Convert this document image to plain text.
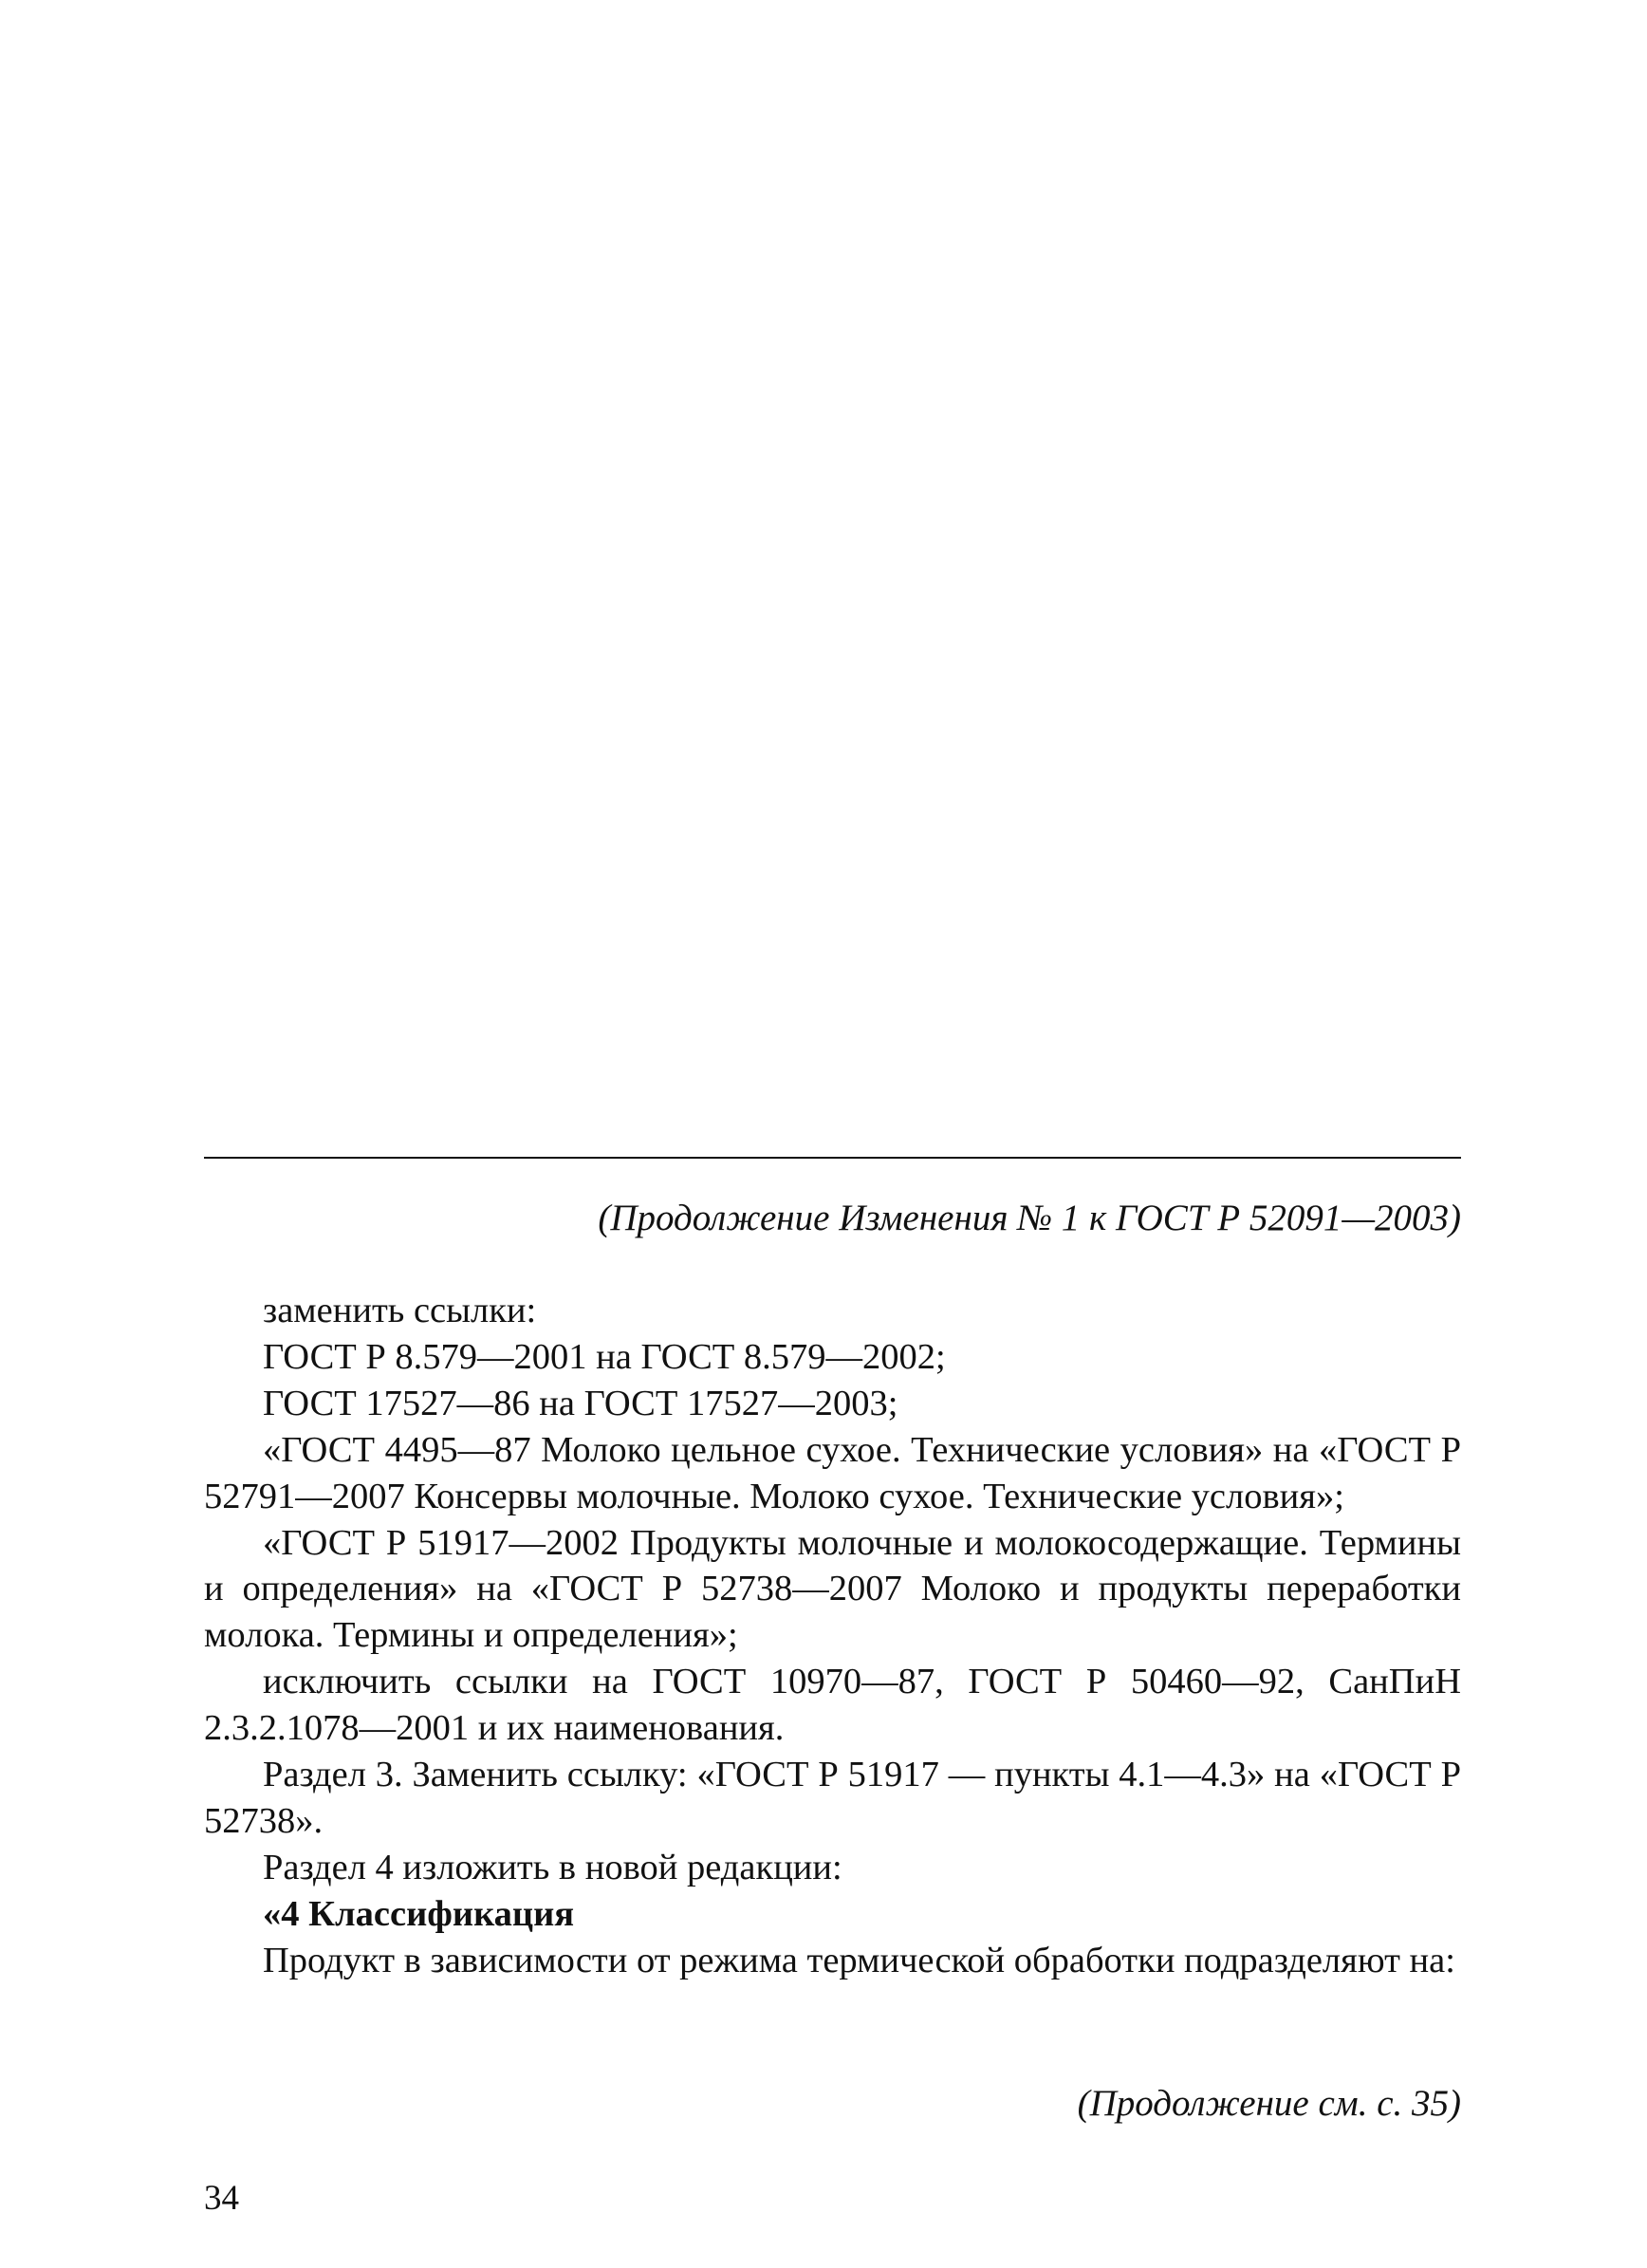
(Продолжение Изменения № 1 к ГОСТ Р 52091—2003)

заменить ссылки:

ГОСТ Р 8.579—2001 на ГОСТ 8.579—2002;

ГОСТ 17527—86 на ГОСТ 17527—2003;

«ГОСТ 4495—87 Молоко цельное сухое. Технические условия» на «ГОСТ Р 52791—2007 Консервы молочные. Молоко сухое. Технические условия»;

«ГОСТ Р 51917—2002 Продукты молочные и молокосодержащие. Термины и определения» на «ГОСТ Р 52738—2007 Молоко и продукты переработки молока. Термины и определения»;

исключить ссылки на ГОСТ 10970—87, ГОСТ Р 50460—92, СанПиН 2.3.2.1078—2001 и их наименования.

Раздел 3. Заменить ссылку: «ГОСТ Р 51917 — пункты 4.1—4.3» на «ГОСТ Р 52738».

Раздел 4 изложить в новой редакции:

«4 Классификация

Продукт в зависимости от режима термической обработки подразделяют на:

(Продолжение см. с. 35)
34
